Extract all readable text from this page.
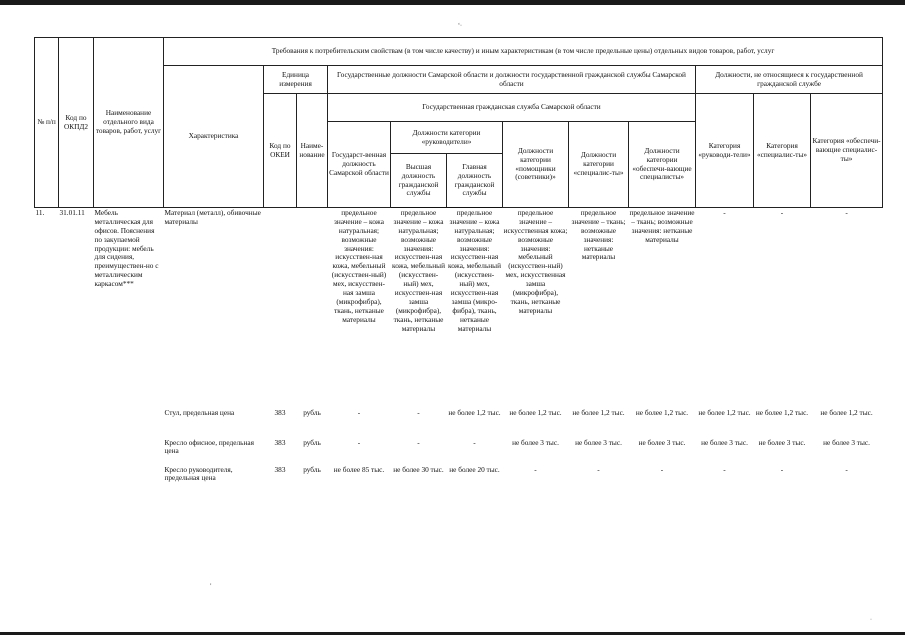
ʻ·
№ п/п	Код по ОКПД2	Наименование отдельного вида товаров, работ, услуг	Требования к потребительским свойствам (в том числе качеству) и иным характеристикам (в том числе предельные цены) отдельных видов товаров, работ, услуг											
			Характеристика	Единица измерения		Государственные должности Самарской области и должности государственной гражданской службы Самарской области						Должности, не относящиеся к государственной гражданской службе		

				Код по ОКЕИ	Наиме-нование	Государственная гражданская служба Самарской области						Категория «руководи-тели»	Категория «специалис-ты»	Категория «обеспечи-вающие специалис-ты»
						Государст-венная должность Самарской области	Должности категории «руководители»		Должности категории «помощники (советники)»	Должности категории «специалис-ты»	Должности категории «обеспечи-вающие специалисты»			
							Высшая должность гражданской службы	Главная должность гражданской службы						
11.	31.01.11	Мебель металлическая для офисов. Пояснения по закупаемой продукции: мебель для сидения, преимуществен-но с металлическим каркасом***	Материал (металл), обивочные материалы			предельное значение – кожа натуральная; возможные значения: искусствен-ная кожа, мебельный (искусствен-ный) мех, искусствен-ная замша (микрофибра), ткань, нетканые материалы	предельное значение – кожа натуральная; возможные значения: искусствен-ная кожа, мебельный (искусствен-ный) мех, искусствен-ная замша (микрофибра), ткань, нетканые материалы	предельное значение – кожа натуральная; возможные значения: искусствен-ная кожа, мебельный (искусствен-ный) мех, искусствен-ная замша (микро-фибра), ткань, нетканые материалы	предельное значение – искусственная кожа; возможные значения: мебельный (искусствен-ный) мех, искусственная замша (микрофибра), ткань, нетканые материалы	предельное значение – ткань; возможные значения: нетканые материалы	предельное значение – ткань; возможные значения: нетканые материалы	-	-	-
			Стул, предельная цена	383	рубль	-	-	не более 1,2 тыс.	не более 1,2 тыс.	не более 1,2 тыс.	не более 1,2 тыс.	не более 1,2 тыс.	не более 1,2 тыс.	не более 1,2 тыс.
			Кресло офисное, предельная цена	383	рубль	-	-	-	не более 3 тыс.	не более 3 тыс.	не более 3 тыс.	не более 3 тыс.	не более 3 тыс.	не более 3 тыс.
			Кресло руководителя, предельная цена	383	рубль	не более 85 тыс.	не более 30 тыс.	не более 20 тыс.	-	-	-	-	-	-
,
·
